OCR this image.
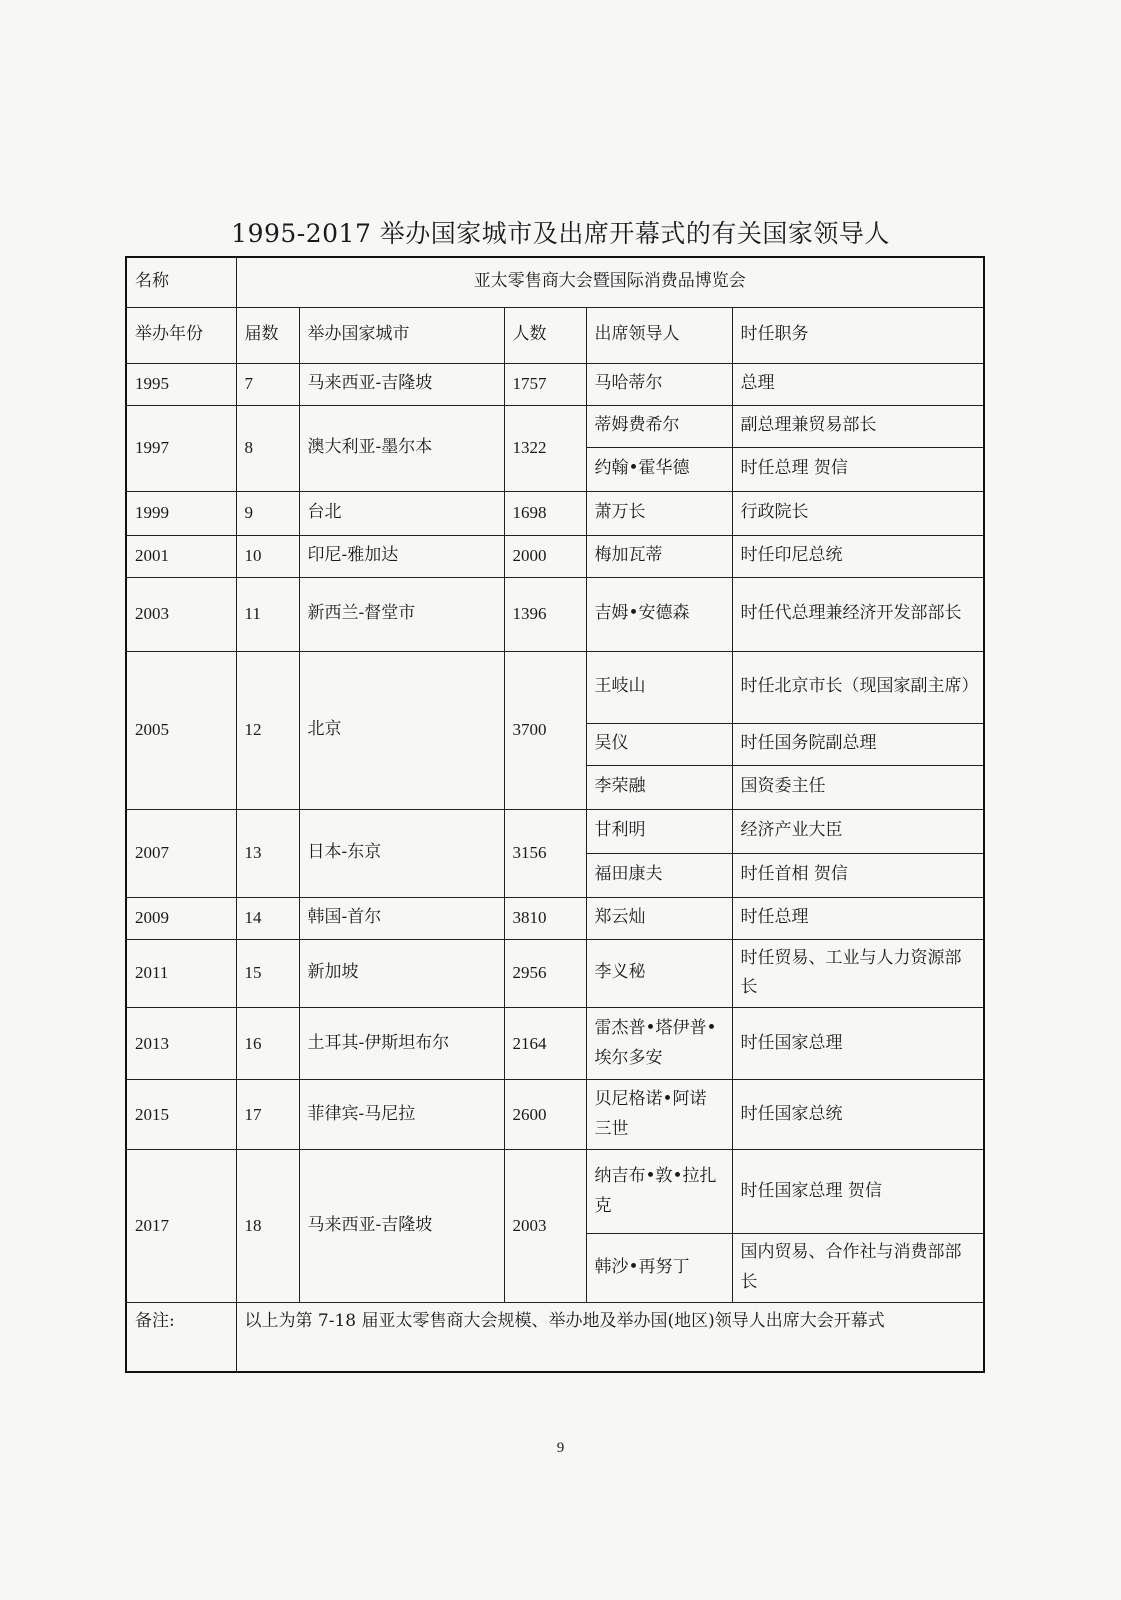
1995-2017 举办国家城市及出席开幕式的有关国家领导人
名称	亚太零售商大会暨国际消费品博览会				
举办年份	届数	举办国家城市	人数	出席领导人	时任职务
1995	7	马来西亚-吉隆坡	1757	马哈蒂尔	总理
1997	8	澳大利亚-墨尔本	1322	蒂姆费希尔	副总理兼贸易部长
				约翰•霍华德	时任总理 贺信
1999	9	台北	1698	萧万长	行政院长
2001	10	印尼-雅加达	2000	梅加瓦蒂	时任印尼总统
2003	11	新西兰-督堂市	1396	吉姆•安德森	时任代总理兼经济开发部部长
2005	12	北京	3700	王岐山	时任北京市长（现国家副主席）
				吴仪	时任国务院副总理
				李荣融	国资委主任
2007	13	日本-东京	3156	甘利明	经济产业大臣
				福田康夫	时任首相 贺信
2009	14	韩国-首尔	3810	郑云灿	时任总理
2011	15	新加坡	2956	李义秘	时任贸易、工业与人力资源部长
2013	16	土耳其-伊斯坦布尔	2164	雷杰普•塔伊普•埃尔多安	时任国家总理
2015	17	菲律宾-马尼拉	2600	贝尼格诺•阿诺三世	时任国家总统
2017	18	马来西亚-吉隆坡	2003	纳吉布•敦•拉扎克	时任国家总理 贺信
				韩沙•再努丁	国内贸易、合作社与消费部部长
备注:	以上为第 7-18 届亚太零售商大会规模、举办地及举办国(地区)领导人出席大会开幕式				
9
